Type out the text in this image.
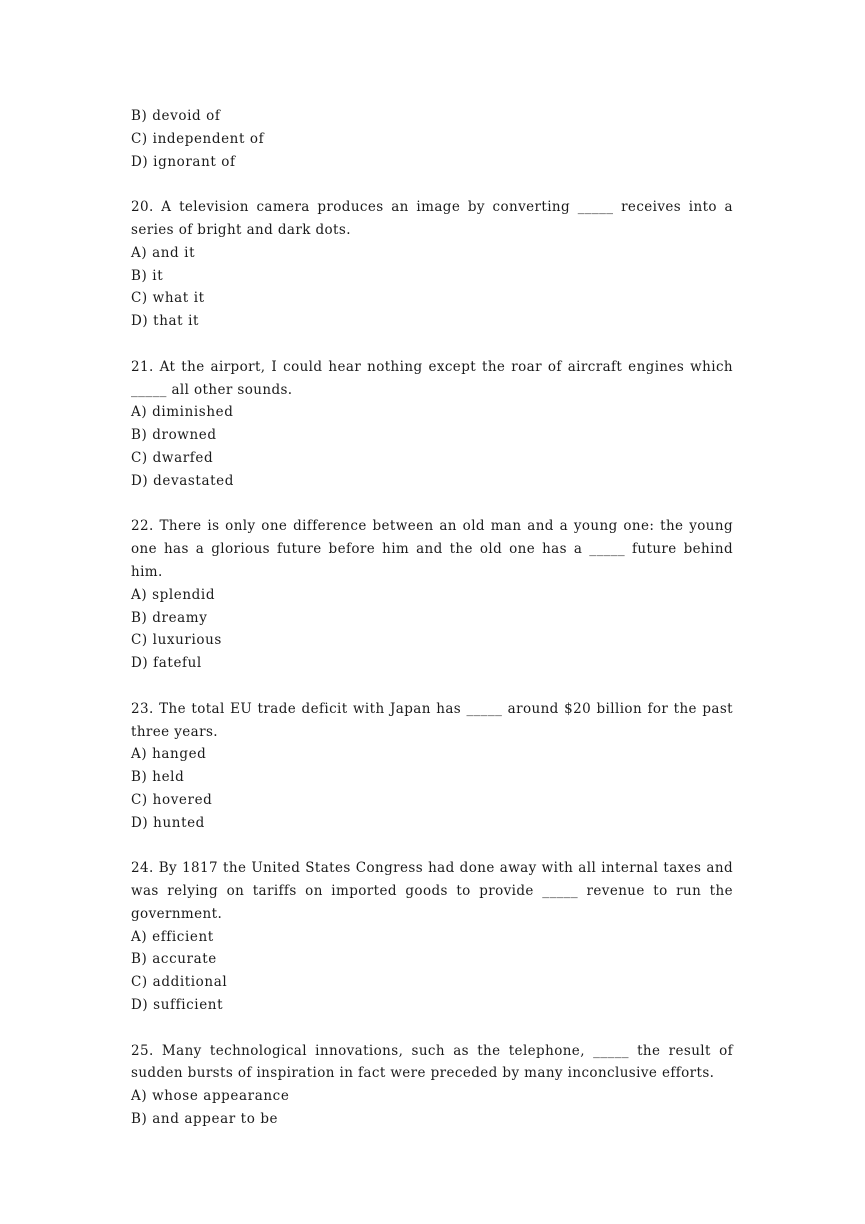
B) devoid of
C) independent of
D) ignorant of
20. A television camera produces an image by converting _____ receives into a series of bright and dark dots.
A) and it
B) it
C) what it
D) that it
21. At the airport, I could hear nothing except the roar of aircraft engines which _____ all other sounds.
A) diminished
B) drowned
C) dwarfed
D) devastated
22. There is only one difference between an old man and a young one: the young one has a glorious future before him and the old one has a _____ future behind him.
A) splendid
B) dreamy
C) luxurious
D) fateful
23. The total EU trade deficit with Japan has _____ around $20 billion for the past three years.
A) hanged
B) held
C) hovered
D) hunted
24. By 1817 the United States Congress had done away with all internal taxes and was relying on tariffs on imported goods to provide _____ revenue to run the government.
A) efficient
B) accurate
C) additional
D) sufficient
25. Many technological innovations, such as the telephone, _____ the result of sudden bursts of inspiration in fact were preceded by many inconclusive efforts.
A) whose appearance
B) and appear to be
